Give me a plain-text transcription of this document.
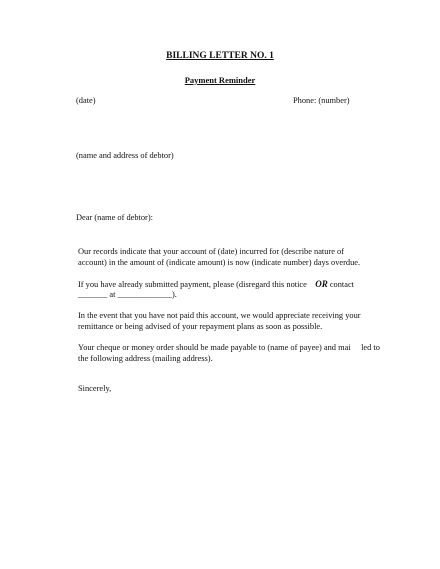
BILLING LETTER NO. 1
Payment Reminder
(date)	Phone: (number)
(name and address of debtor)
Dear (name of debtor):
Our records indicate that your account of (date) incurred for (describe nature of
account) in the amount of (indicate amount) is now (indicate number) days overdue.
If you have already submitted payment, please (disregard this notice OR contact
_______ at _____________).
In the event that you have not paid this account, we would appreciate receiving your
remittance or being advised of your repayment plans as soon as possible.
Your cheque or money order should be made payable to (name of payee) and mai     led to
the following address (mailing address).
Sincerely,
